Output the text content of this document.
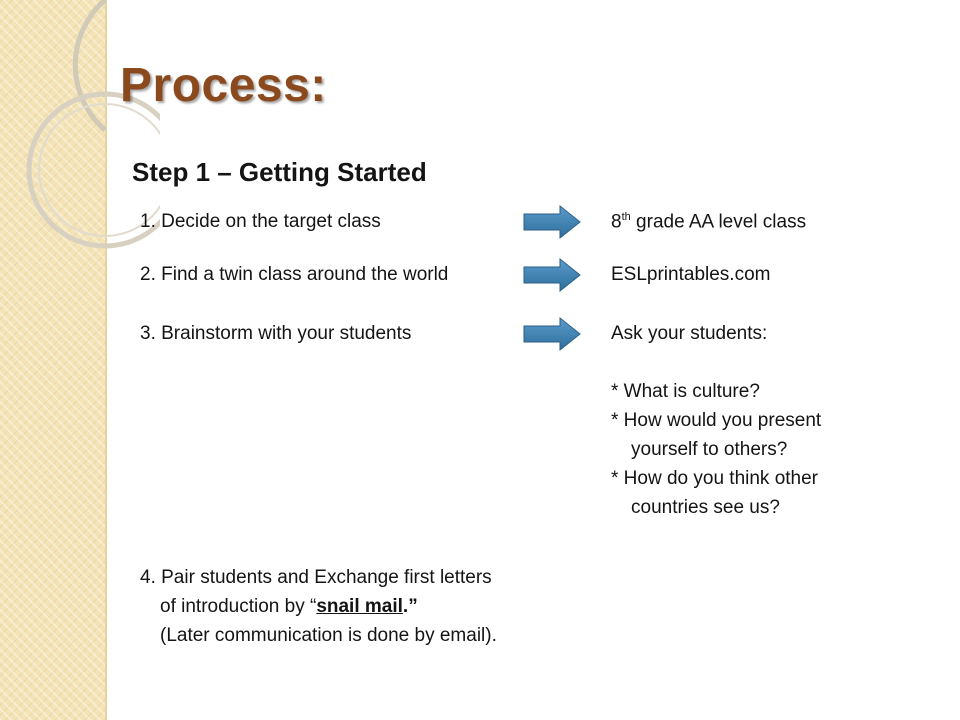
Process:
Step 1 – Getting Started
1. Decide on the target class	8th grade AA level class
2. Find a twin class around the world	ESLprintables.com
3. Brainstorm with your students	Ask your students:
* What is culture?
* How would you present
yourself to others?
* How do you think other
countries see us?
4. Pair students and Exchange first letters
of introduction by “snail mail.”
(Later communication is done by email).
